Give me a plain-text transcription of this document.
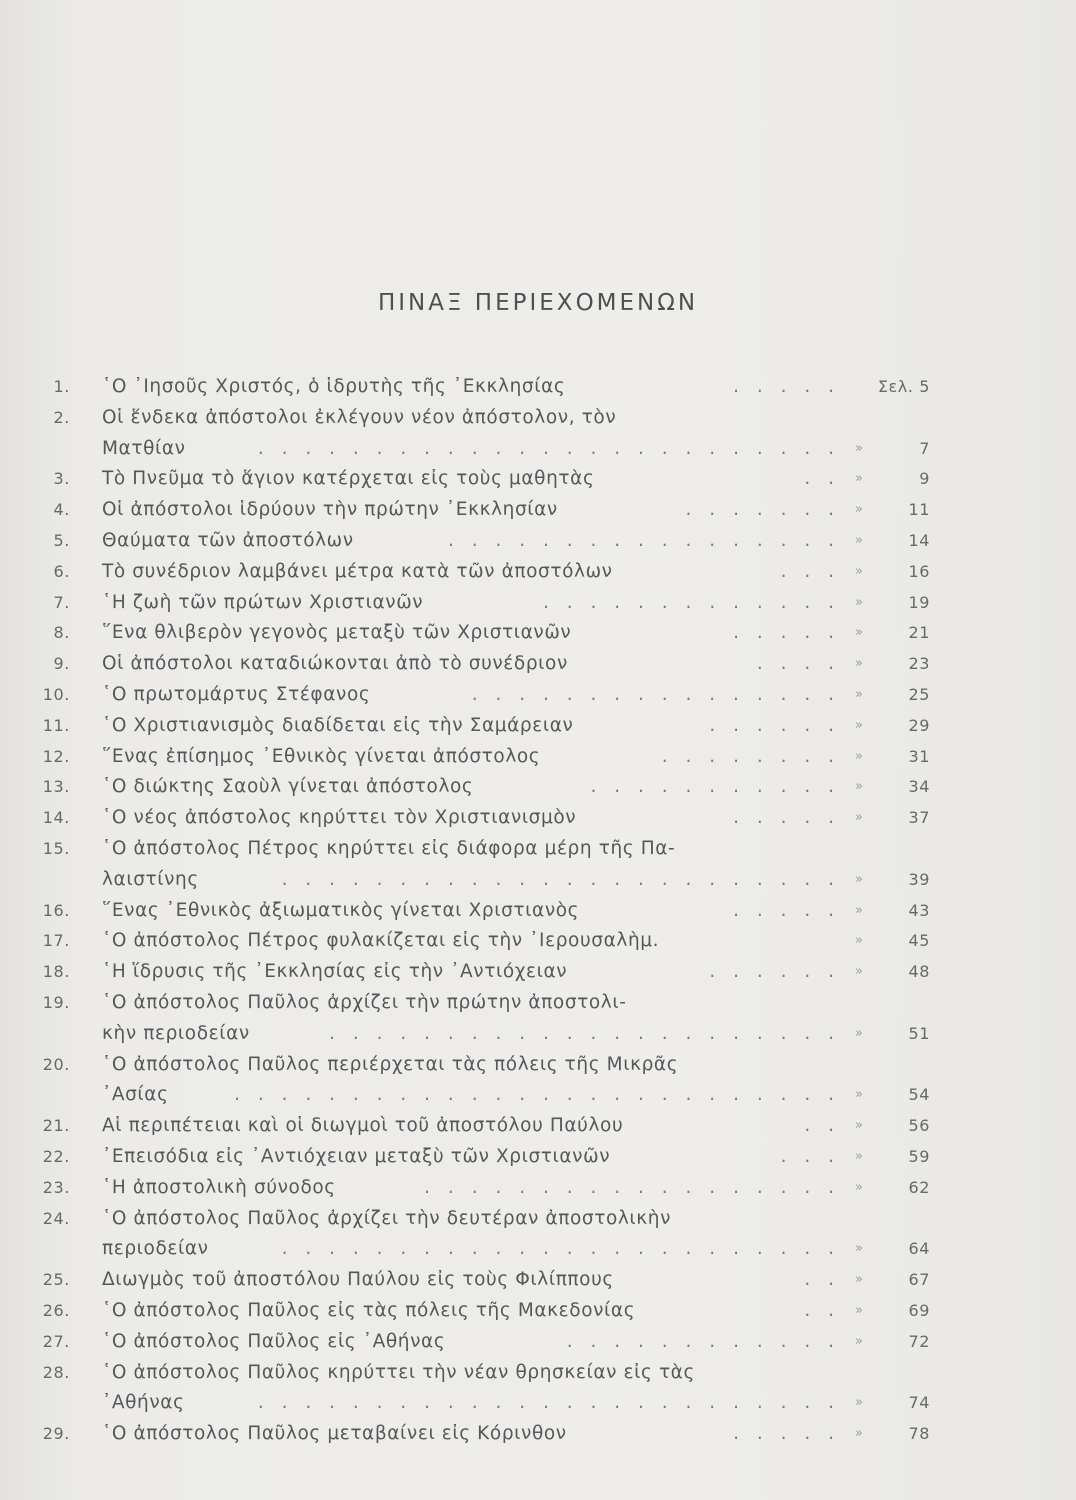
ΠΙΝΑΞ ΠΕΡΙΕΧΟΜΕΝΩΝ
1. ῾Ο ᾿Ιησοῦς Χριστός, ὁ ἱδρυτὴς τῆς ᾿Εκκλησίας	. . . . .	Σελ. 5
2. Οἱ ἕνδεκα ἀπόστολοι ἐκλέγουν νέον ἀπόστολον, τὸν
Ματθίαν	. . . . . . . . . . . . . . . . . . . . . . . . . »	7
3. Τὸ Πνεῦμα τὸ ἅγιον κατέρχεται εἰς τοὺς μαθητὰς	. . »	9
4. Οἱ ἀπόστολοι ἱδρύουν τὴν πρώτην ᾿Εκκλησίαν	. . . . . . . »	11
5. Θαύματα τῶν ἀποστόλων	. . . . . . . . . . . . . . . . . »	14
6. Τὸ συνέδριον λαμβάνει μέτρα κατὰ τῶν ἀποστόλων	. . . »	16
7. ῾Η ζωὴ τῶν πρώτων Χριστιανῶν	. . . . . . . . . . . . . »	19
8. ῞Ενα θλιβερὸν γεγονὸς μεταξὺ τῶν Χριστιανῶν	. . . . . »	21
9. Οἱ ἀπόστολοι καταδιώκονται ἀπὸ τὸ συνέδριον	. . . . »	23
10. ῾Ο πρωτομάρτυς Στέφανος	. . . . . . . . . . . . . . . . »	25
11. ῾Ο Χριστιανισμὸς διαδίδεται εἰς τὴν Σαμάρειαν	. . . . . . »	29
12. ῞Ενας ἐπίσημος ᾿Εθνικὸς γίνεται ἀπόστολος	. . . . . . . . »	31
13. ῾Ο διώκτης Σαοὺλ γίνεται ἀπόστολος	. . . . . . . . . . . »	34
14. ῾Ο νέος ἀπόστολος κηρύττει τὸν Χριστιανισμὸν	. . . . . »	37
15. ῾Ο ἀπόστολος Πέτρος κηρύττει εἰς διάφορα μέρη τῆς Πα-
λαιστίνης	. . . . . . . . . . . . . . . . . . . . . . . . »	39
16. ῞Ενας ᾿Εθνικὸς ἀξιωματικὸς γίνεται Χριστιανὸς	. . . . . »	43
17. ῾Ο ἀπόστολος Πέτρος φυλακίζεται εἰς τὴν ᾿Ιερουσαλὴμ.	»	45
18. ῾Η ἵδρυσις τῆς ᾿Εκκλησίας εἰς τὴν ᾿Αντιόχειαν	. . . . . . »	48
19. ῾Ο ἀπόστολος Παῦλος ἀρχίζει τὴν πρώτην ἀποστολι-
κὴν περιοδείαν	. . . . . . . . . . . . . . . . . . . . . . »	51
20. ῾Ο ἀπόστολος Παῦλος περιέρχεται τὰς πόλεις τῆς Μικρᾶς
᾿Ασίας	. . . . . . . . . . . . . . . . . . . . . . . . . . »	54
21. Αἱ περιπέτειαι καὶ οἱ διωγμοὶ τοῦ ἀποστόλου Παύλου	. . »	56
22. ᾿Επεισόδια εἰς ᾿Αντιόχειαν μεταξὺ τῶν Χριστιανῶν	. . . »	59
23. ῾Η ἀποστολικὴ σύνοδος	. . . . . . . . . . . . . . . . . . »	62
24. ῾Ο ἀπόστολος Παῦλος ἀρχίζει τὴν δευτέραν ἀποστολικὴν
περιοδείαν	. . . . . . . . . . . . . . . . . . . . . . . . »	64
25. Διωγμὸς τοῦ ἀποστόλου Παύλου εἰς τοὺς Φιλίππους	. . »	67
26. ῾Ο ἀπόστολος Παῦλος εἰς τὰς πόλεις τῆς Μακεδονίας	. . »	69
27. ῾Ο ἀπόστολος Παῦλος εἰς ᾿Αθήνας	. . . . . . . . . . . . »	72
28. ῾Ο ἀπόστολος Παῦλος κηρύττει τὴν νέαν θρησκείαν εἰς τὰς
᾿Αθήνας	. . . . . . . . . . . . . . . . . . . . . . . . . »	74
29. ῾Ο ἀπόστολος Παῦλος μεταβαίνει εἰς Κόρινθον	. . . . . »	78
